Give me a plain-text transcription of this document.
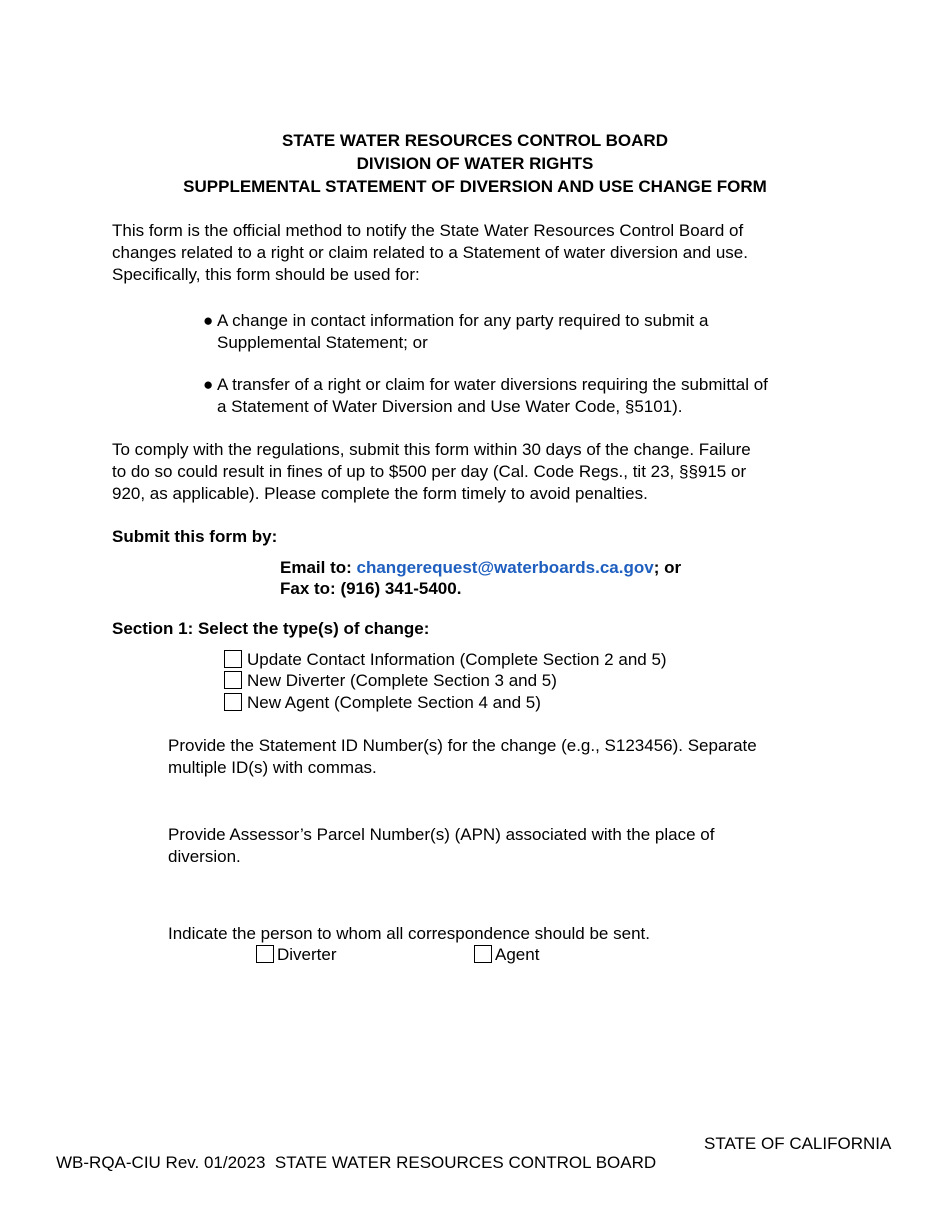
STATE WATER RESOURCES CONTROL BOARD
DIVISION OF WATER RIGHTS
SUPPLEMENTAL STATEMENT OF DIVERSION AND USE CHANGE FORM
This form is the official method to notify the State Water Resources Control Board of
changes related to a right or claim related to a Statement of water diversion and use.
Specifically, this form should be used for:
● A change in contact information for any party required to submit a
Supplemental Statement; or
● A transfer of a right or claim for water diversions requiring the submittal of
a Statement of Water Diversion and Use Water Code, §5101).
To comply with the regulations, submit this form within 30 days of the change. Failure
to do so could result in fines of up to $500 per day (Cal. Code Regs., tit 23, §§915 or
920, as applicable). Please complete the form timely to avoid penalties.
Submit this form by:
Email to: changerequest@waterboards.ca.gov; or
Fax to: (916) 341-5400.
Section 1: Select the type(s) of change:
Update Contact Information (Complete Section 2 and 5)
New Diverter (Complete Section 3 and 5)
New Agent (Complete Section 4 and 5)
Provide the Statement ID Number(s) for the change (e.g., S123456). Separate
multiple ID(s) with commas.
Provide Assessor’s Parcel Number(s) (APN) associated with the place of
diversion.
Indicate the person to whom all correspondence should be sent.
Diverter	Agent
STATE OF CALIFORNIA
WB-RQA-CIU Rev. 01/2023 STATE WATER RESOURCES CONTROL BOARD
